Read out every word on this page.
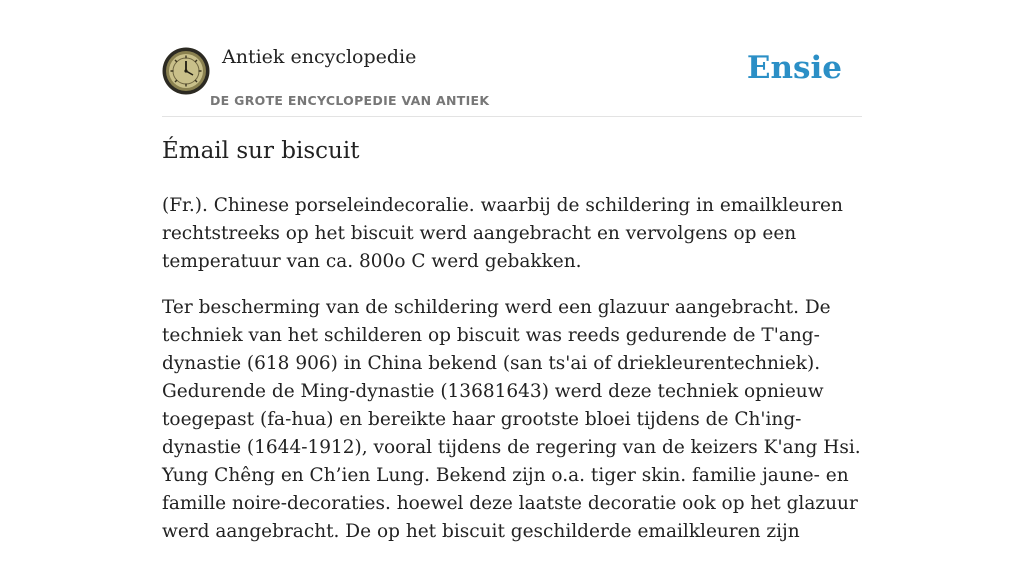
Antiek encyclopedie
DE GROTE ENCYCLOPEDIE VAN ANTIEK
Ensie
Émail sur biscuit

(Fr.). Chinese porseleindecoralie. waarbij de schildering in emailkleuren rechtstreeks op het biscuit werd aangebracht en vervolgens op een temperatuur van ca. 800o C werd gebakken.

Ter bescherming van de schildering werd een glazuur aangebracht. De techniek van het schilderen op biscuit was reeds gedurende de T'ang-dynastie (618 906) in China bekend (san ts'ai of driekleurentechniek). Gedurende de Ming-dynastie (13681643) werd deze techniek opnieuw toegepast (fa-hua) en bereikte haar grootste bloei tijdens de Ch'ing-dynastie (1644-1912), vooral tijdens de regering van de keizers K'ang Hsi. Yung Chêng en Ch’ien Lung. Bekend zijn o.a. tiger skin. familie jaune- en famille noire-decoraties. hoewel deze laatste decoratie ook op het glazuur werd aangebracht. De op het biscuit geschilderde emailkleuren zijn
